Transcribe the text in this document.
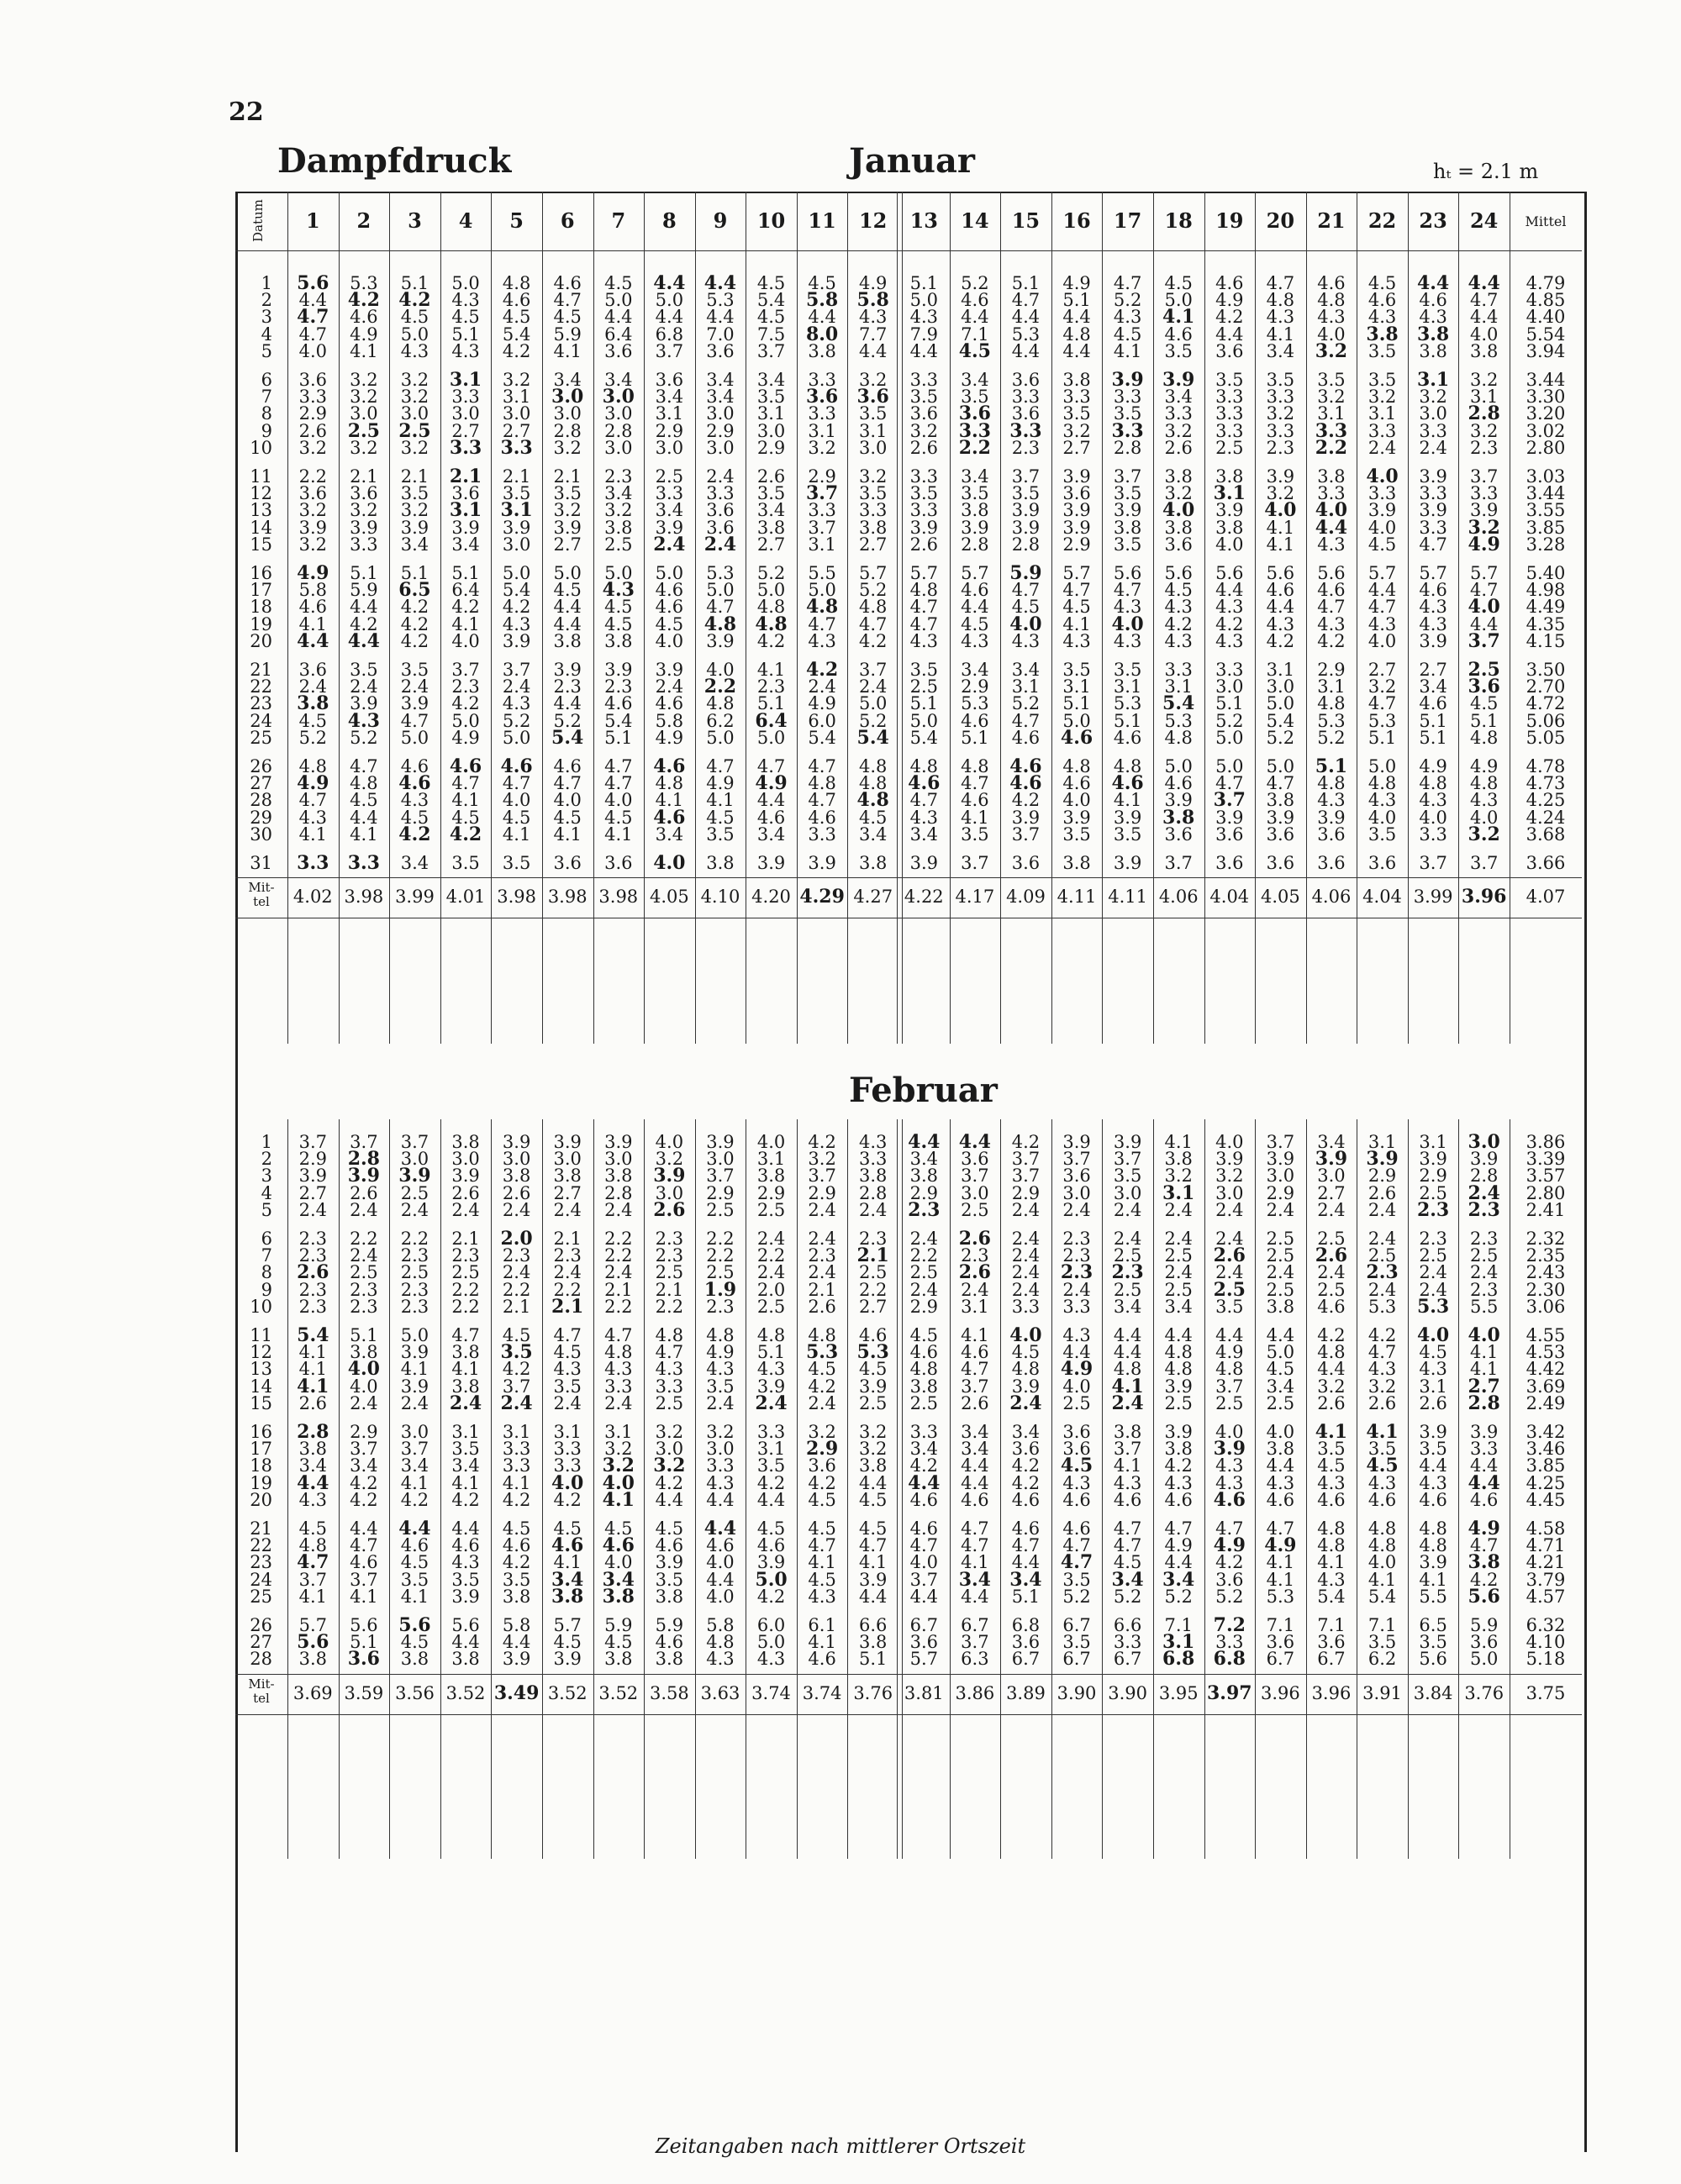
22
Dampfdruck	Januar	hₜ = 2.1 m
Datum	1	2	3	4	5	6	7	8	9	10	11	12	13	14	15	16	17	18	19	20	21	22	23	24	Mittel
1	5.6	5.3	5.1	5.0	4.8	4.6	4.5	4.4	4.4	4.5	4.5	4.9	5.1	5.2	5.1	4.9	4.7	4.5	4.6	4.7	4.6	4.5	4.4	4.4	4.79
2	4.4	4.2	4.2	4.3	4.6	4.7	5.0	5.0	5.3	5.4	5.8	5.8	5.0	4.6	4.7	5.1	5.2	5.0	4.9	4.8	4.8	4.6	4.6	4.7	4.85
3	4.7	4.6	4.5	4.5	4.5	4.5	4.4	4.4	4.4	4.5	4.4	4.3	4.3	4.4	4.4	4.4	4.3	4.1	4.2	4.3	4.3	4.3	4.3	4.4	4.40
4	4.7	4.9	5.0	5.1	5.4	5.9	6.4	6.8	7.0	7.5	8.0	7.7	7.9	7.1	5.3	4.8	4.5	4.6	4.4	4.1	4.0	3.8	3.8	4.0	5.54
5	4.0	4.1	4.3	4.3	4.2	4.1	3.6	3.7	3.6	3.7	3.8	4.4	4.4	4.5	4.4	4.4	4.1	3.5	3.6	3.4	3.2	3.5	3.8	3.8	3.94
6	3.6	3.2	3.2	3.1	3.2	3.4	3.4	3.6	3.4	3.4	3.3	3.2	3.3	3.4	3.6	3.8	3.9	3.9	3.5	3.5	3.5	3.5	3.1	3.2	3.44
7	3.3	3.2	3.2	3.3	3.1	3.0	3.0	3.4	3.4	3.5	3.6	3.6	3.5	3.5	3.3	3.3	3.3	3.4	3.3	3.3	3.2	3.2	3.2	3.1	3.30
8	2.9	3.0	3.0	3.0	3.0	3.0	3.0	3.1	3.0	3.1	3.3	3.5	3.6	3.6	3.6	3.5	3.5	3.3	3.3	3.2	3.1	3.1	3.0	2.8	3.20
9	2.6	2.5	2.5	2.7	2.7	2.8	2.8	2.9	2.9	3.0	3.1	3.1	3.2	3.3	3.3	3.2	3.3	3.2	3.3	3.3	3.3	3.3	3.3	3.2	3.02
10	3.2	3.2	3.2	3.3	3.3	3.2	3.0	3.0	3.0	2.9	3.2	3.0	2.6	2.2	2.3	2.7	2.8	2.6	2.5	2.3	2.2	2.4	2.4	2.3	2.80
11	2.2	2.1	2.1	2.1	2.1	2.1	2.3	2.5	2.4	2.6	2.9	3.2	3.3	3.4	3.7	3.9	3.7	3.8	3.8	3.9	3.8	4.0	3.9	3.7	3.03
12	3.6	3.6	3.5	3.6	3.5	3.5	3.4	3.3	3.3	3.5	3.7	3.5	3.5	3.5	3.5	3.6	3.5	3.2	3.1	3.2	3.3	3.3	3.3	3.3	3.44
13	3.2	3.2	3.2	3.1	3.1	3.2	3.2	3.4	3.6	3.4	3.3	3.3	3.3	3.8	3.9	3.9	3.9	4.0	3.9	4.0	4.0	3.9	3.9	3.9	3.55
14	3.9	3.9	3.9	3.9	3.9	3.9	3.8	3.9	3.6	3.8	3.7	3.8	3.9	3.9	3.9	3.9	3.8	3.8	3.8	4.1	4.4	4.0	3.3	3.2	3.85
15	3.2	3.3	3.4	3.4	3.0	2.7	2.5	2.4	2.4	2.7	3.1	2.7	2.6	2.8	2.8	2.9	3.5	3.6	4.0	4.1	4.3	4.5	4.7	4.9	3.28
16	4.9	5.1	5.1	5.1	5.0	5.0	5.0	5.0	5.3	5.2	5.5	5.7	5.7	5.7	5.9	5.7	5.6	5.6	5.6	5.6	5.6	5.7	5.7	5.7	5.40
17	5.8	5.9	6.5	6.4	5.4	4.5	4.3	4.6	5.0	5.0	5.0	5.2	4.8	4.6	4.7	4.7	4.7	4.5	4.4	4.6	4.6	4.4	4.6	4.7	4.98
18	4.6	4.4	4.2	4.2	4.2	4.4	4.5	4.6	4.7	4.8	4.8	4.8	4.7	4.4	4.5	4.5	4.3	4.3	4.3	4.4	4.7	4.7	4.3	4.0	4.49
19	4.1	4.2	4.2	4.1	4.3	4.4	4.5	4.5	4.8	4.8	4.7	4.7	4.7	4.5	4.0	4.1	4.0	4.2	4.2	4.3	4.3	4.3	4.3	4.4	4.35
20	4.4	4.4	4.2	4.0	3.9	3.8	3.8	4.0	3.9	4.2	4.3	4.2	4.3	4.3	4.3	4.3	4.3	4.3	4.3	4.2	4.2	4.0	3.9	3.7	4.15
21	3.6	3.5	3.5	3.7	3.7	3.9	3.9	3.9	4.0	4.1	4.2	3.7	3.5	3.4	3.4	3.5	3.5	3.3	3.3	3.1	2.9	2.7	2.7	2.5	3.50
22	2.4	2.4	2.4	2.3	2.4	2.3	2.3	2.4	2.2	2.3	2.4	2.4	2.5	2.9	3.1	3.1	3.1	3.1	3.0	3.0	3.1	3.2	3.4	3.6	2.70
23	3.8	3.9	3.9	4.2	4.3	4.4	4.6	4.6	4.8	5.1	4.9	5.0	5.1	5.3	5.2	5.1	5.3	5.4	5.1	5.0	4.8	4.7	4.6	4.5	4.72
24	4.5	4.3	4.7	5.0	5.2	5.2	5.4	5.8	6.2	6.4	6.0	5.2	5.0	4.6	4.7	5.0	5.1	5.3	5.2	5.4	5.3	5.3	5.1	5.1	5.06
25	5.2	5.2	5.0	4.9	5.0	5.4	5.1	4.9	5.0	5.0	5.4	5.4	5.4	5.1	4.6	4.6	4.6	4.8	5.0	5.2	5.2	5.1	5.1	4.8	5.05
26	4.8	4.7	4.6	4.6	4.6	4.6	4.7	4.6	4.7	4.7	4.7	4.8	4.8	4.8	4.6	4.8	4.8	5.0	5.0	5.0	5.1	5.0	4.9	4.9	4.78
27	4.9	4.8	4.6	4.7	4.7	4.7	4.7	4.8	4.9	4.9	4.8	4.8	4.6	4.7	4.6	4.6	4.6	4.6	4.7	4.7	4.8	4.8	4.8	4.8	4.73
28	4.7	4.5	4.3	4.1	4.0	4.0	4.0	4.1	4.1	4.4	4.7	4.8	4.7	4.6	4.2	4.0	4.1	3.9	3.7	3.8	4.3	4.3	4.3	4.3	4.25
29	4.3	4.4	4.5	4.5	4.5	4.5	4.5	4.6	4.5	4.6	4.6	4.5	4.3	4.1	3.9	3.9	3.9	3.8	3.9	3.9	3.9	4.0	4.0	4.0	4.24
30	4.1	4.1	4.2	4.2	4.1	4.1	4.1	3.4	3.5	3.4	3.3	3.4	3.4	3.5	3.7	3.5	3.5	3.6	3.6	3.6	3.6	3.5	3.3	3.2	3.68
31	3.3	3.3	3.4	3.5	3.5	3.6	3.6	4.0	3.8	3.9	3.9	3.8	3.9	3.7	3.6	3.8	3.9	3.7	3.6	3.6	3.6	3.6	3.7	3.7	3.66
Mit-
tel	4.02 3.98 3.99 4.01 3.98 3.98 3.98 4.05 4.10 4.20 4.29 4.27 4.22 4.17 4.09 4.11 4.11 4.06 4.04 4.05 4.06 4.04 3.99 3.96	4.07
Februar
1	3.7	3.7	3.7	3.8	3.9	3.9	3.9	4.0	3.9	4.0	4.2	4.3	4.4	4.4	4.2	3.9	3.9	4.1	4.0	3.7	3.4	3.1	3.1	3.0	3.86
2	2.9	2.8	3.0	3.0	3.0	3.0	3.0	3.2	3.0	3.1	3.2	3.3	3.4	3.6	3.7	3.7	3.7	3.8	3.9	3.9	3.9	3.9	3.9	3.9	3.39
3	3.9	3.9	3.9	3.9	3.8	3.8	3.8	3.9	3.7	3.8	3.7	3.8	3.8	3.7	3.7	3.6	3.5	3.2	3.2	3.0	3.0	2.9	2.9	2.8	3.57
4	2.7	2.6	2.5	2.6	2.6	2.7	2.8	3.0	2.9	2.9	2.9	2.8	2.9	3.0	2.9	3.0	3.0	3.1	3.0	2.9	2.7	2.6	2.5	2.4	2.80
5	2.4	2.4	2.4	2.4	2.4	2.4	2.4	2.6	2.5	2.5	2.4	2.4	2.3	2.5	2.4	2.4	2.4	2.4	2.4	2.4	2.4	2.4	2.3	2.3	2.41
6	2.3	2.2	2.2	2.1	2.0	2.1	2.2	2.3	2.2	2.4	2.4	2.3	2.4	2.6	2.4	2.3	2.4	2.4	2.4	2.5	2.5	2.4	2.3	2.3	2.32
7	2.3	2.4	2.3	2.3	2.3	2.3	2.2	2.3	2.2	2.2	2.3	2.1	2.2	2.3	2.4	2.3	2.5	2.5	2.6	2.5	2.6	2.5	2.5	2.5	2.35
8	2.6	2.5	2.5	2.5	2.4	2.4	2.4	2.5	2.5	2.4	2.4	2.5	2.5	2.6	2.4	2.3	2.3	2.4	2.4	2.4	2.4	2.3	2.4	2.4	2.43
9	2.3	2.3	2.3	2.2	2.2	2.2	2.1	2.1	1.9	2.0	2.1	2.2	2.4	2.4	2.4	2.4	2.5	2.5	2.5	2.5	2.5	2.4	2.4	2.3	2.30
10	2.3	2.3	2.3	2.2	2.1	2.1	2.2	2.2	2.3	2.5	2.6	2.7	2.9	3.1	3.3	3.3	3.4	3.4	3.5	3.8	4.6	5.3	5.3	5.5	3.06
11	5.4	5.1	5.0	4.7	4.5	4.7	4.7	4.8	4.8	4.8	4.8	4.6	4.5	4.1	4.0	4.3	4.4	4.4	4.4	4.4	4.2	4.2	4.0	4.0	4.55
12	4.1	3.8	3.9	3.8	3.5	4.5	4.8	4.7	4.9	5.1	5.3	5.3	4.6	4.6	4.5	4.4	4.4	4.8	4.9	5.0	4.8	4.7	4.5	4.1	4.53
13	4.1	4.0	4.1	4.1	4.2	4.3	4.3	4.3	4.3	4.3	4.5	4.5	4.8	4.7	4.8	4.9	4.8	4.8	4.8	4.5	4.4	4.3	4.3	4.1	4.42
14	4.1	4.0	3.9	3.8	3.7	3.5	3.3	3.3	3.5	3.9	4.2	3.9	3.8	3.7	3.9	4.0	4.1	3.9	3.7	3.4	3.2	3.2	3.1	2.7	3.69
15	2.6	2.4	2.4	2.4	2.4	2.4	2.4	2.5	2.4	2.4	2.4	2.5	2.5	2.6	2.4	2.5	2.4	2.5	2.5	2.5	2.6	2.6	2.6	2.8	2.49
16	2.8	2.9	3.0	3.1	3.1	3.1	3.1	3.2	3.2	3.3	3.2	3.2	3.3	3.4	3.4	3.6	3.8	3.9	4.0	4.0	4.1	4.1	3.9	3.9	3.42
17	3.8	3.7	3.7	3.5	3.3	3.3	3.2	3.0	3.0	3.1	2.9	3.2	3.4	3.4	3.6	3.6	3.7	3.8	3.9	3.8	3.5	3.5	3.5	3.3	3.46
18	3.4	3.4	3.4	3.4	3.3	3.3	3.2	3.2	3.3	3.5	3.6	3.8	4.2	4.4	4.2	4.5	4.1	4.2	4.3	4.4	4.5	4.5	4.4	4.4	3.85
19	4.4	4.2	4.1	4.1	4.1	4.0	4.0	4.2	4.3	4.2	4.2	4.4	4.4	4.4	4.2	4.3	4.3	4.3	4.3	4.3	4.3	4.3	4.3	4.4	4.25
20	4.3	4.2	4.2	4.2	4.2	4.2	4.1	4.4	4.4	4.4	4.5	4.5	4.6	4.6	4.6	4.6	4.6	4.6	4.6	4.6	4.6	4.6	4.6	4.6	4.45
21	4.5	4.4	4.4	4.4	4.5	4.5	4.5	4.5	4.4	4.5	4.5	4.5	4.6	4.7	4.6	4.6	4.7	4.7	4.7	4.7	4.8	4.8	4.8	4.9	4.58
22	4.8	4.7	4.6	4.6	4.6	4.6	4.6	4.6	4.6	4.6	4.7	4.7	4.7	4.7	4.7	4.7	4.7	4.9	4.9	4.9	4.8	4.8	4.8	4.7	4.71
23	4.7	4.6	4.5	4.3	4.2	4.1	4.0	3.9	4.0	3.9	4.1	4.1	4.0	4.1	4.4	4.7	4.5	4.4	4.2	4.1	4.1	4.0	3.9	3.8	4.21
24	3.7	3.7	3.5	3.5	3.5	3.4	3.4	3.5	4.4	5.0	4.5	3.9	3.7	3.4	3.4	3.5	3.4	3.4	3.6	4.1	4.3	4.1	4.1	4.2	3.79
25	4.1	4.1	4.1	3.9	3.8	3.8	3.8	3.8	4.0	4.2	4.3	4.4	4.4	4.4	5.1	5.2	5.2	5.2	5.2	5.3	5.4	5.4	5.5	5.6	4.57
26	5.7	5.6	5.6	5.6	5.8	5.7	5.9	5.9	5.8	6.0	6.1	6.6	6.7	6.7	6.8	6.7	6.6	7.1	7.2	7.1	7.1	7.1	6.5	5.9	6.32
27	5.6	5.1	4.5	4.4	4.4	4.5	4.5	4.6	4.8	5.0	4.1	3.8	3.6	3.7	3.6	3.5	3.3	3.1	3.3	3.6	3.6	3.5	3.5	3.6	4.10
28	3.8	3.6	3.8	3.8	3.9	3.9	3.8	3.8	4.3	4.3	4.6	5.1	5.7	6.3	6.7	6.7	6.7	6.8	6.8	6.7	6.7	6.2	5.6	5.0	5.18
Mit-
tel	3.69 3.59 3.56 3.52 3.49 3.52 3.52 3.58 3.63 3.74 3.74 3.76 3.81 3.86 3.89 3.90 3.90 3.95 3.97 3.96 3.96 3.91 3.84 3.76	3.75
Zeitangaben nach mittlerer Ortszeit
